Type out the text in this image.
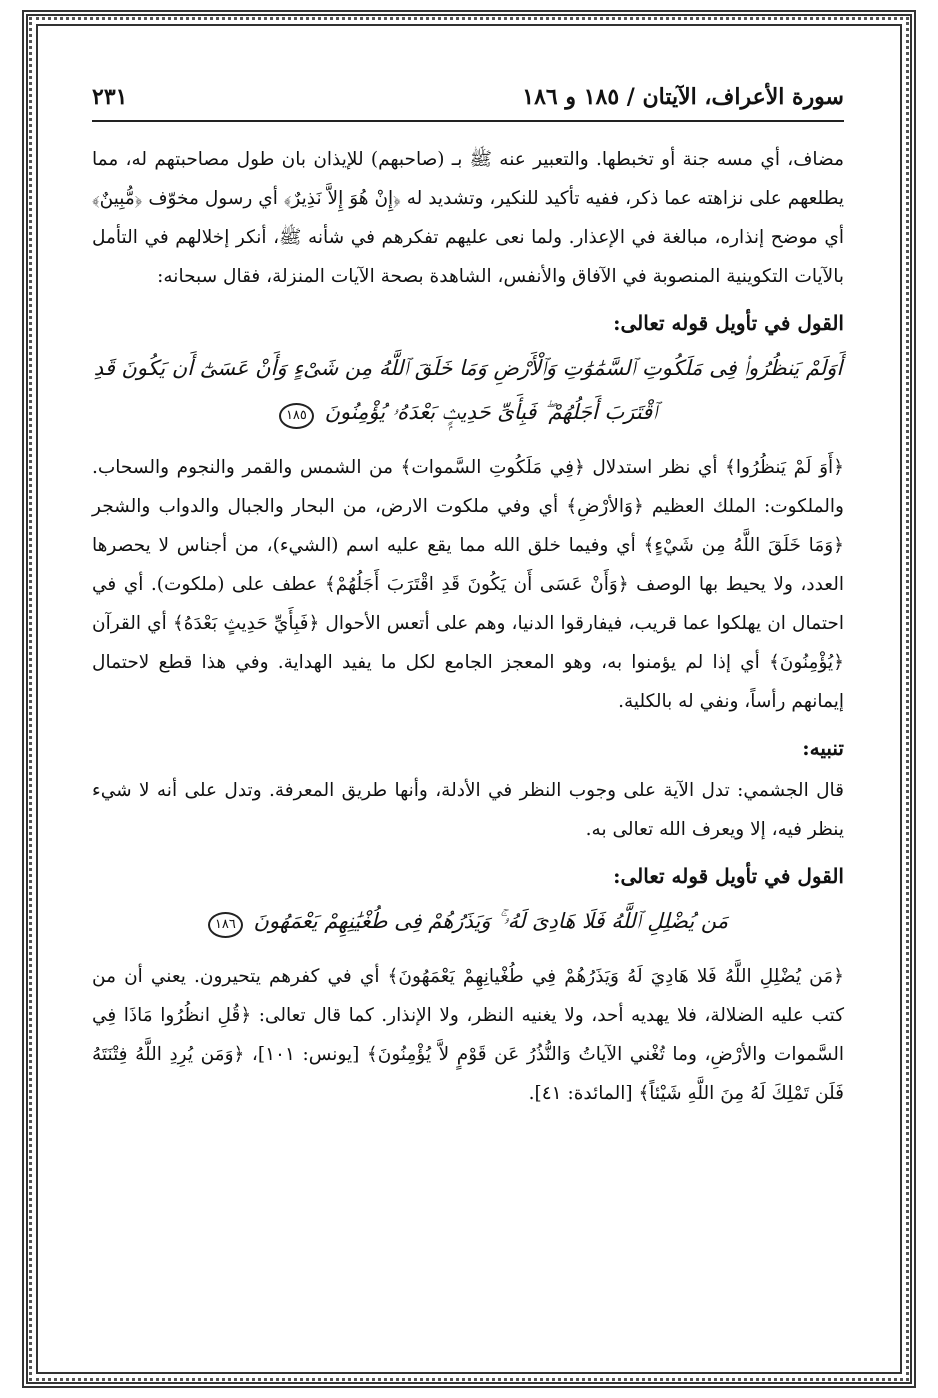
سورة الأعراف، الآيتان / ١٨٥ و ١٨٦
٢٣١

مضاف، أي مسه جنة أو تخبطها. والتعبير عنه ﷺ بـ (صاحبهم) للإيذان بان طول مصاحبتهم له، مما يطلعهم على نزاهته عما ذكر، ففيه تأكيد للنكير، وتشديد له ﴿إِنْ هُوَ إِلاَّ نَذِيرٌ﴾ أي رسول مخوّف ﴿مُّبِينٌ﴾ أي موضح إنذاره، مبالغة في الإعذار. ولما نعى عليهم تفكرهم في شأنه ﷺ، أنكر إخلالهم في التأمل بالآيات التكوينية المنصوبة في الآفاق والأنفس، الشاهدة بصحة الآيات المنزلة، فقال سبحانه:

القول في تأويل قوله تعالى:
أَوَلَمْ يَنظُرُوا۟ فِى مَلَكُوتِ ٱلسَّمَٰوَٰتِ وَٱلْأَرْضِ وَمَا خَلَقَ ٱللَّهُ مِن شَىْءٍ وَأَنْ عَسَىٰٓ أَن يَكُونَ قَدِ ٱقْتَرَبَ أَجَلُهُمْ ۖ فَبِأَىِّ حَدِيثٍۭ بَعْدَهُۥ يُؤْمِنُونَ ١٨٥

﴿أَوَ لَمْ يَنظُرُوا﴾ أي نظر استدلال ﴿فِي مَلَكُوتِ السَّموات﴾ من الشمس والقمر والنجوم والسحاب. والملكوت: الملك العظيم ﴿وَالأرْضِ﴾ أي وفي ملكوت الارض، من البحار والجبال والدواب والشجر ﴿وَمَا خَلَقَ اللَّهُ مِن شَيْءٍ﴾ أي وفيما خلق الله مما يقع عليه اسم (الشيء)، من أجناس لا يحصرها العدد، ولا يحيط بها الوصف ﴿وَأَنْ عَسَى أَن يَكُونَ قَدِ اقْتَرَبَ أَجَلُهُمْ﴾ عطف على (ملكوت). أي في احتمال ان يهلكوا عما قريب، فيفارقوا الدنيا، وهم على أتعس الأحوال ﴿فَبِأَيِّ حَدِيثٍ بَعْدَهُ﴾ أي القرآن ﴿يُؤْمِنُونَ﴾ أي إذا لم يؤمنوا به، وهو المعجز الجامع لكل ما يفيد الهداية. وفي هذا قطع لاحتمال إيمانهم رأساً، ونفي له بالكلية.

تنبيه:

قال الجشمي: تدل الآية على وجوب النظر في الأدلة، وأنها طريق المعرفة. وتدل على أنه لا شيء ينظر فيه، إلا ويعرف الله تعالى به.

القول في تأويل قوله تعالى:
مَن يُضْلِلِ ٱللَّهُ فَلَا هَادِىَ لَهُۥ ۚ وَيَذَرُهُمْ فِى طُغْيَٰنِهِمْ يَعْمَهُونَ ١٨٦

﴿مَن يُضْلِلِ اللَّهُ فَلا هَادِيَ لَهُ وَيَذَرُهُمْ فِي طُغْيانِهِمْ يَعْمَهُونَ﴾ أي في كفرهم يتحيرون. يعني أن من كتب عليه الضلالة، فلا يهديه أحد، ولا يغنيه النظر، ولا الإنذار. كما قال تعالى: ﴿قُلِ انظُرُوا مَاذَا فِي السَّموات والأرْضِ، وما تُغْني الآياتُ وَالنُّذُرُ عَن قَوْمٍ لاَّ يُؤْمِنُونَ﴾ [يونس: ١٠١]، ﴿وَمَن يُرِدِ اللَّهُ فِتْنَتَهُ فَلَن تَمْلِكَ لَهُ مِنَ اللَّهِ شَيْئاً﴾ [المائدة: ٤١].
